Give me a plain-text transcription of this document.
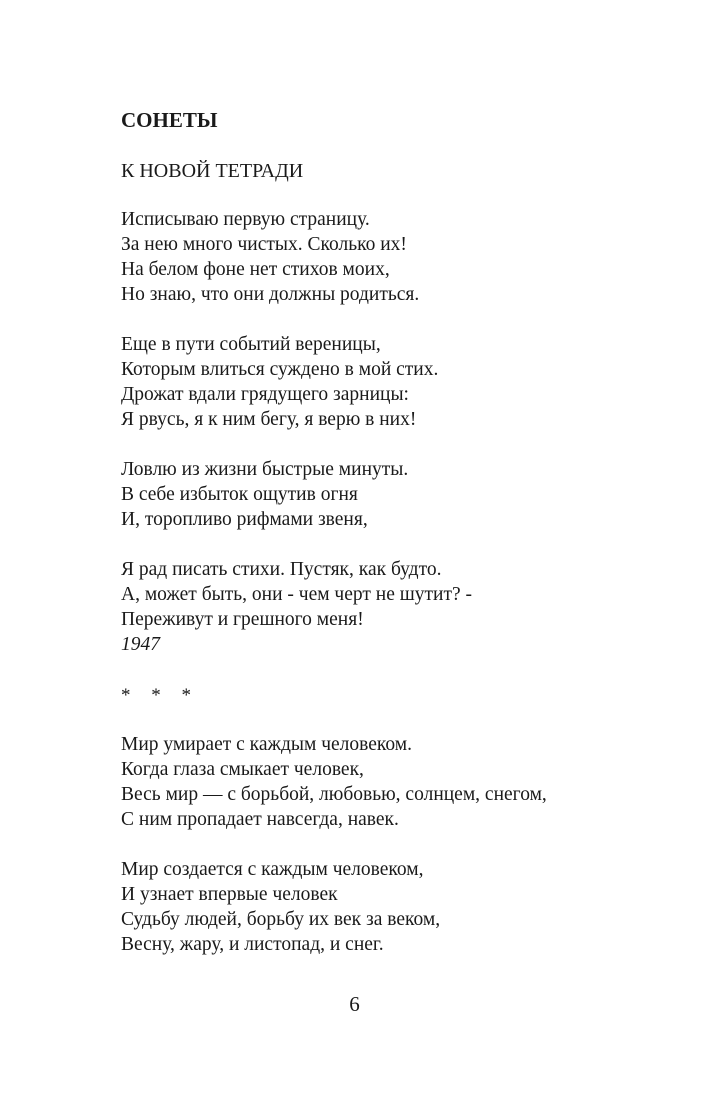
СОНЕТЫ
К НОВОЙ ТЕТРАДИ
Исписываю первую страницу.
За нею много чистых. Сколько их!
На белом фоне нет стихов моих,
Но знаю, что они должны родиться.
Еще в пути событий вереницы,
Которым влиться суждено в мой стих.
Дрожат вдали грядущего зарницы:
Я рвусь, я к ним бегу, я верю в них!
Ловлю из жизни быстрые минуты.
В себе избыток ощутив огня
И, торопливо рифмами звеня,
Я рад писать стихи. Пустяк, как будто.
А, может быть, они - чем черт не шутит? -
Переживут и грешного меня!
1947
* * *
Мир умирает с каждым человеком.
Когда глаза смыкает человек,
Весь мир — с борьбой, любовью, солнцем, снегом,
С ним пропадает навсегда, навек.
Мир создается с каждым человеком,
И узнает впервые человек
Судьбу людей, борьбу их век за веком,
Весну, жару, и листопад, и снег.
6
